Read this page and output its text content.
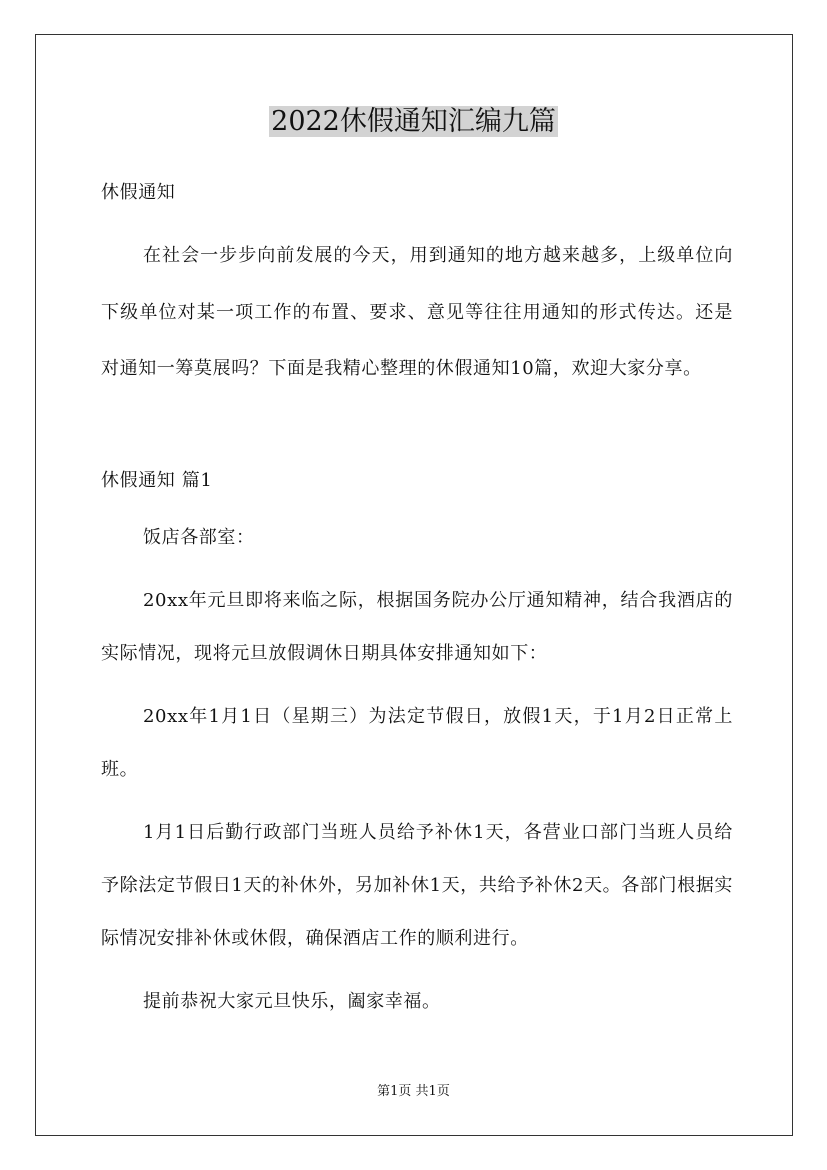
2022休假通知汇编九篇

休假通知

在社会一步步向前发展的今天，用到通知的地方越来越多，上级单位向下级单位对某一项工作的布置、要求、意见等往往用通知的形式传达。还是对通知一筹莫展吗？下面是我精心整理的休假通知10篇，欢迎大家分享。

休假通知 篇1

饭店各部室：

20xx年元旦即将来临之际，根据国务院办公厅通知精神，结合我酒店的实际情况，现将元旦放假调休日期具体安排通知如下：

20xx年1月1日（星期三）为法定节假日，放假1天，于1月2日正常上班。

1月1日后勤行政部门当班人员给予补休1天，各营业口部门当班人员给予除法定节假日1天的补休外，另加补休1天，共给予补休2天。各部门根据实际情况安排补休或休假，确保酒店工作的顺利进行。

提前恭祝大家元旦快乐，阖家幸福。

第1页 共1页
